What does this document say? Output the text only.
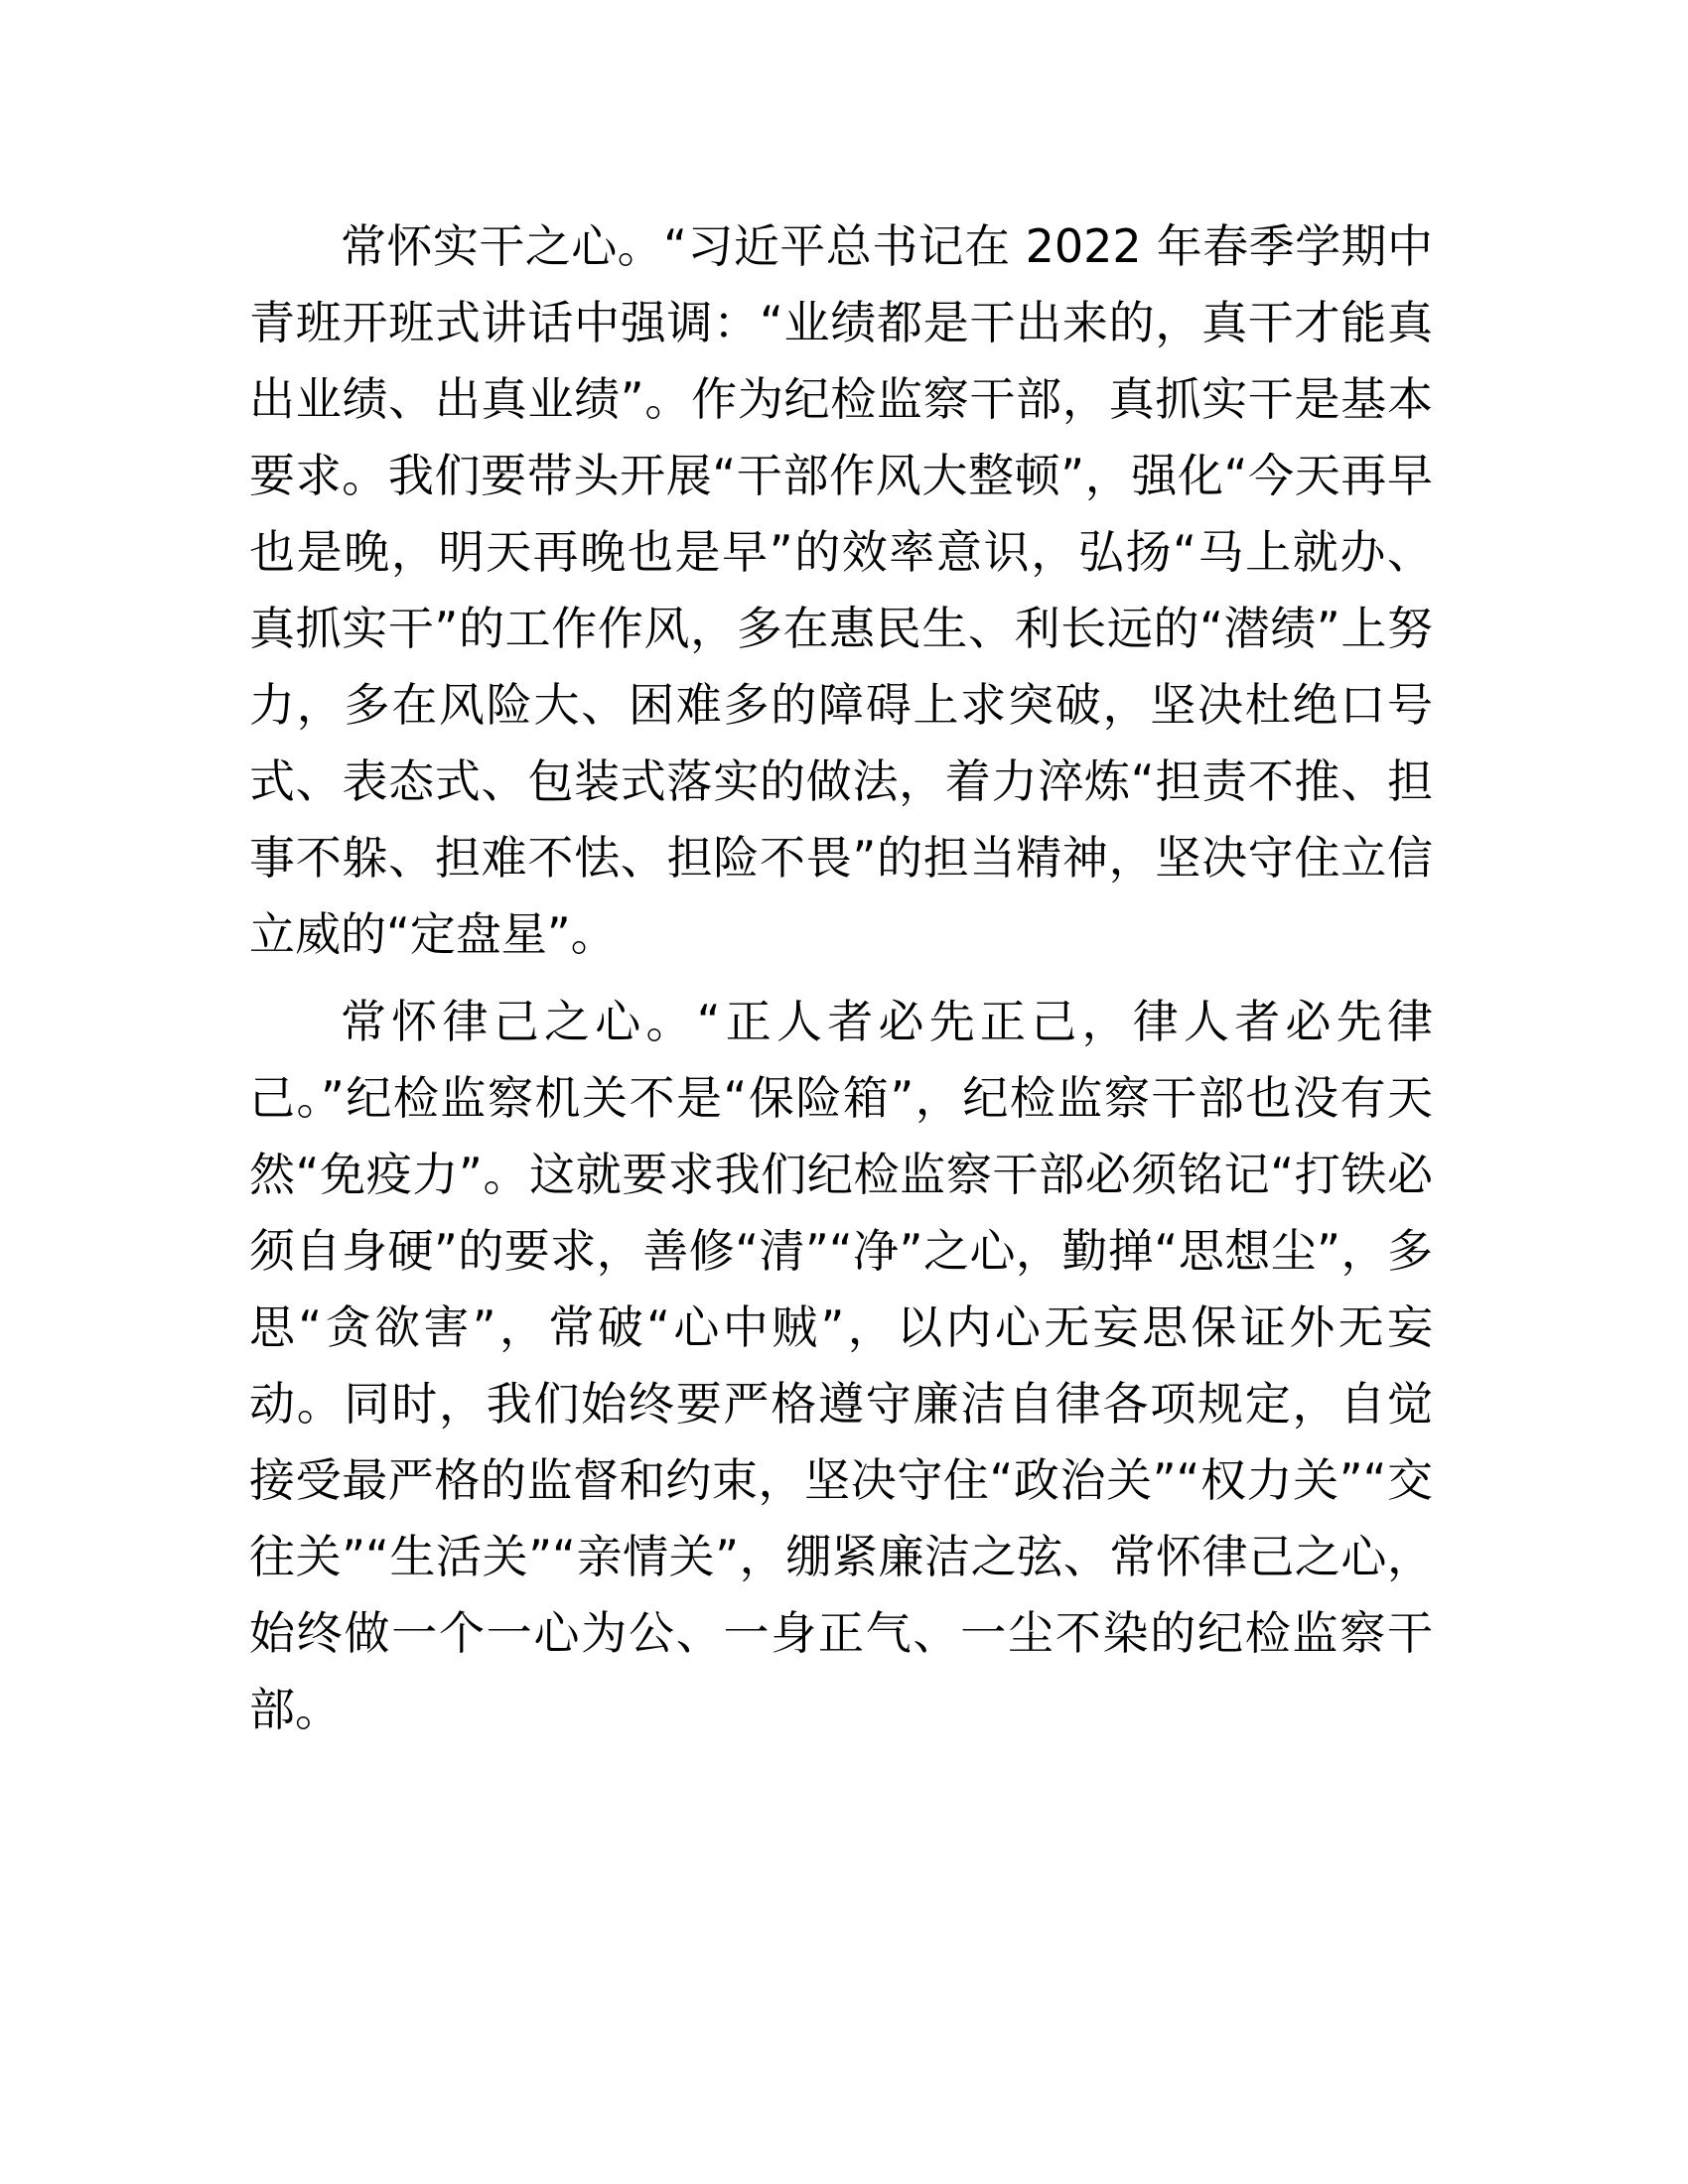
常怀实干之心。“习近平总书记在 2022 年春季学期中青班开班式讲话中强调：“业绩都是干出来的，真干才能真出业绩、出真业绩”。作为纪检监察干部，真抓实干是基本要求。我们要带头开展“干部作风大整顿”，强化“今天再早也是晚，明天再晚也是早”的效率意识，弘扬“马上就办、真抓实干”的工作作风，多在惠民生、利长远的“潜绩”上努力，多在风险大、困难多的障碍上求突破，坚决杜绝口号式、表态式、包装式落实的做法，着力淬炼“担责不推、担事不躲、担难不怯、担险不畏”的担当精神，坚决守住立信立威的“定盘星”。

常怀律己之心。“正人者必先正己，律人者必先律己。”纪检监察机关不是“保险箱”，纪检监察干部也没有天然“免疫力”。这就要求我们纪检监察干部必须铭记“打铁必须自身硬”的要求，善修“清”“净”之心，勤掸“思想尘”，多思“贪欲害”，常破“心中贼”，以内心无妄思保证外无妄动。同时，我们始终要严格遵守廉洁自律各项规定，自觉接受最严格的监督和约束，坚决守住“政治关”“权力关”“交往关”“生活关”“亲情关”，绷紧廉洁之弦、常怀律己之心，始终做一个一心为公、一身正气、一尘不染的纪检监察干部。
